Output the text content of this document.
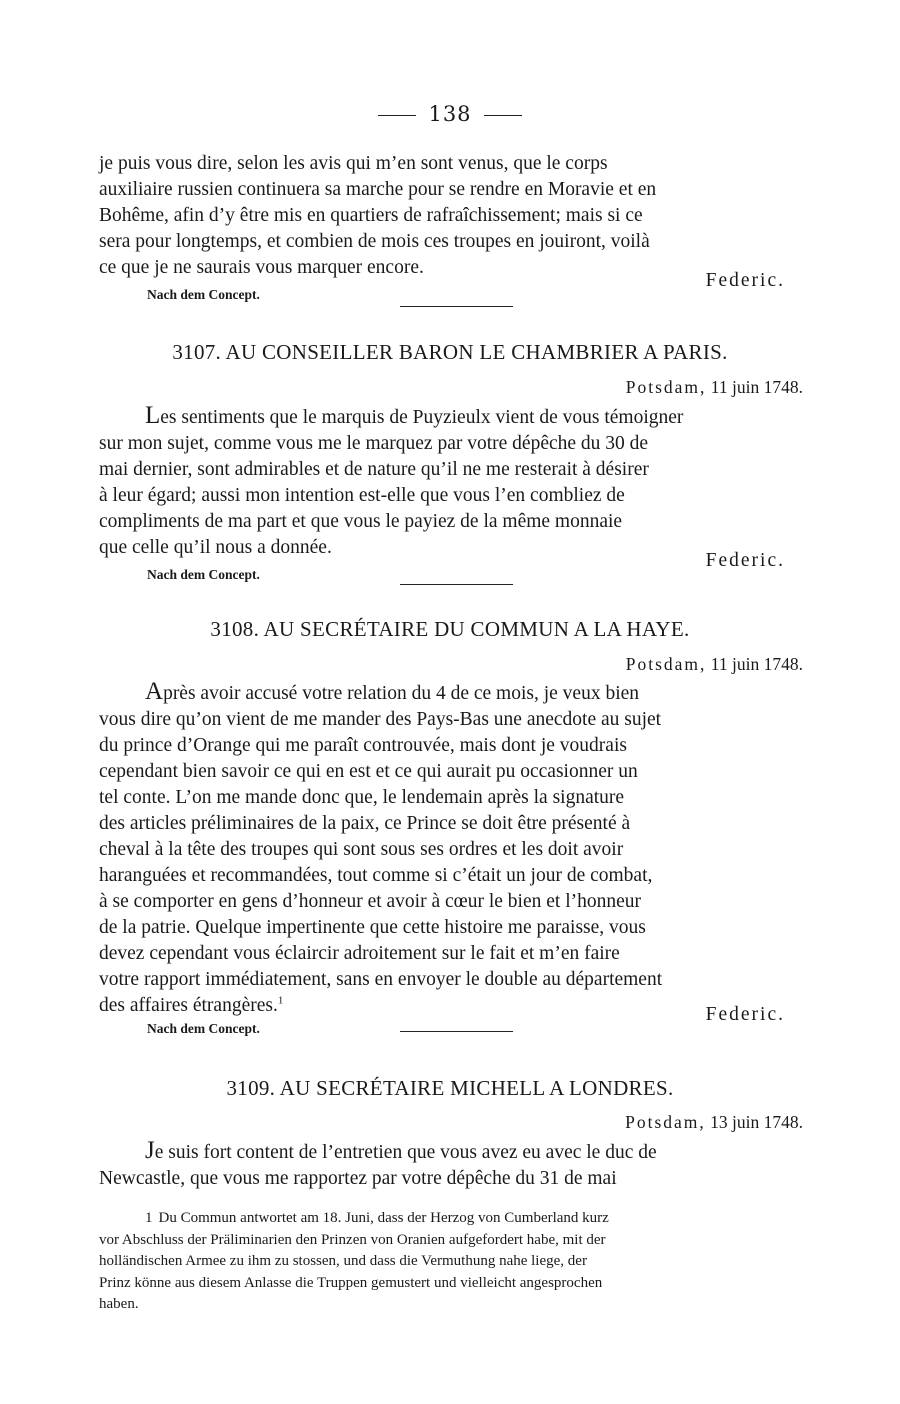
138

je puis vous dire, selon les avis qui m’en sont venus, que le corps

auxiliaire russien continuera sa marche pour se rendre en Moravie et en

Bohême, afin d’y être mis en quartiers de rafraîchissement; mais si ce

sera pour longtemps, et combien de mois ces troupes en jouiront, voilà

ce que je ne saurais vous marquer encore.

Federic.
Nach dem Concept.
3107. AU CONSEILLER BARON LE CHAMBRIER A PARIS.
Potsdam, 11 juin 1748.

Les sentiments que le marquis de Puyzieulx vient de vous témoigner

sur mon sujet, comme vous me le marquez par votre dépêche du 30 de

mai dernier, sont admirables et de nature qu’il ne me resterait à désirer

à leur égard; aussi mon intention est-elle que vous l’en combliez de

compliments de ma part et que vous le payiez de la même monnaie

que celle qu’il nous a donnée.

Federic.
Nach dem Concept.
3108. AU SECRÉTAIRE DU COMMUN A LA HAYE.
Potsdam, 11 juin 1748.

Après avoir accusé votre relation du 4 de ce mois, je veux bien

vous dire qu’on vient de me mander des Pays-Bas une anecdote au sujet

du prince d’Orange qui me paraît controuvée, mais dont je voudrais

cependant bien savoir ce qui en est et ce qui aurait pu occasionner un

tel conte. L’on me mande donc que, le lendemain après la signature

des articles préliminaires de la paix, ce Prince se doit être présenté à

cheval à la tête des troupes qui sont sous ses ordres et les doit avoir

haranguées et recommandées, tout comme si c’était un jour de combat,

à se comporter en gens d’honneur et avoir à cœur le bien et l’honneur

de la patrie. Quelque impertinente que cette histoire me paraisse, vous

devez cependant vous éclaircir adroitement sur le fait et m’en faire

votre rapport immédiatement, sans en envoyer le double au département

des affaires étrangères.$^1$

Federic.
Nach dem Concept.
3109. AU SECRÉTAIRE MICHELL A LONDRES.
Potsdam, 13 juin 1748.

Je suis fort content de l’entretien que vous avez eu avec le duc de

Newcastle, que vous me rapportez par votre dépêche du 31 de mai

1 Du Commun antwortet am 18. Juni, dass der Herzog von Cumberland kurz
vor Abschluss der Präliminarien den Prinzen von Oranien aufgefordert habe, mit der
holländischen Armee zu ihm zu stossen, und dass die Vermuthung nahe liege, der
Prinz könne aus diesem Anlasse die Truppen gemustert und vielleicht angesprochen
haben.
